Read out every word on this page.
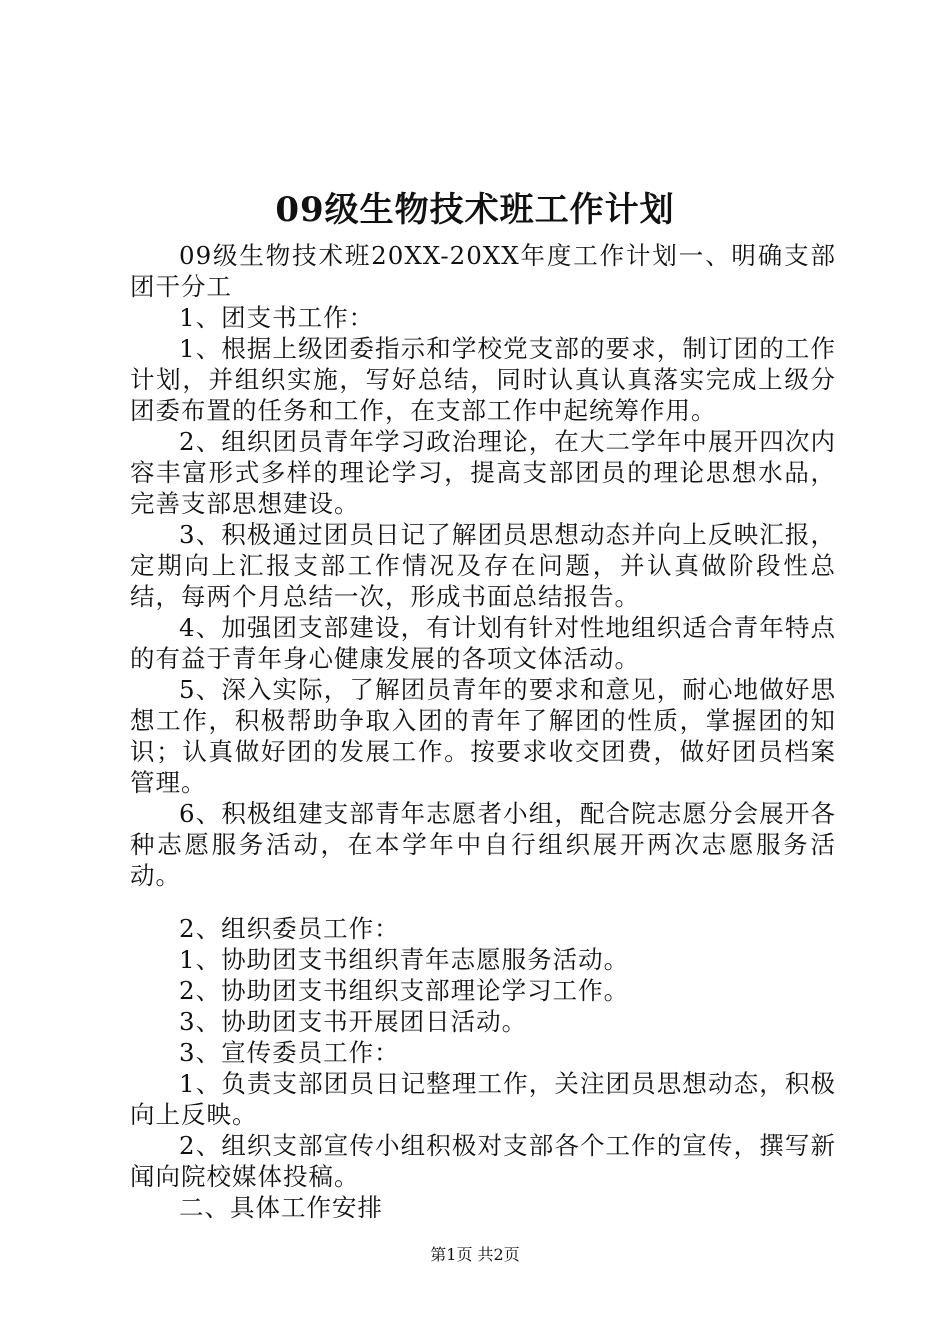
09级生物技术班工作计划

09级生物技术班20XX-20XX年度工作计划一、明确支部团干分工

1、团支书工作：

1、根据上级团委指示和学校党支部的要求，制订团的工作计划，并组织实施，写好总结，同时认真认真落实完成上级分团委布置的任务和工作，在支部工作中起统筹作用。

2、组织团员青年学习政治理论，在大二学年中展开四次内容丰富形式多样的理论学习，提高支部团员的理论思想水品，完善支部思想建设。

3、积极通过团员日记了解团员思想动态并向上反映汇报，定期向上汇报支部工作情况及存在问题，并认真做阶段性总结，每两个月总结一次，形成书面总结报告。

4、加强团支部建设，有计划有针对性地组织适合青年特点的有益于青年身心健康发展的各项文体活动。

5、深入实际，了解团员青年的要求和意见，耐心地做好思想工作，积极帮助争取入团的青年了解团的性质，掌握团的知识；认真做好团的发展工作。按要求收交团费，做好团员档案管理。

6、积极组建支部青年志愿者小组，配合院志愿分会展开各种志愿服务活动，在本学年中自行组织展开两次志愿服务活动。

2、组织委员工作：

1、协助团支书组织青年志愿服务活动。

2、协助团支书组织支部理论学习工作。

3、协助团支书开展团日活动。

3、宣传委员工作：

1、负责支部团员日记整理工作，关注团员思想动态，积极向上反映。

2、组织支部宣传小组积极对支部各个工作的宣传，撰写新闻向院校媒体投稿。

二、具体工作安排

第1页 共2页
